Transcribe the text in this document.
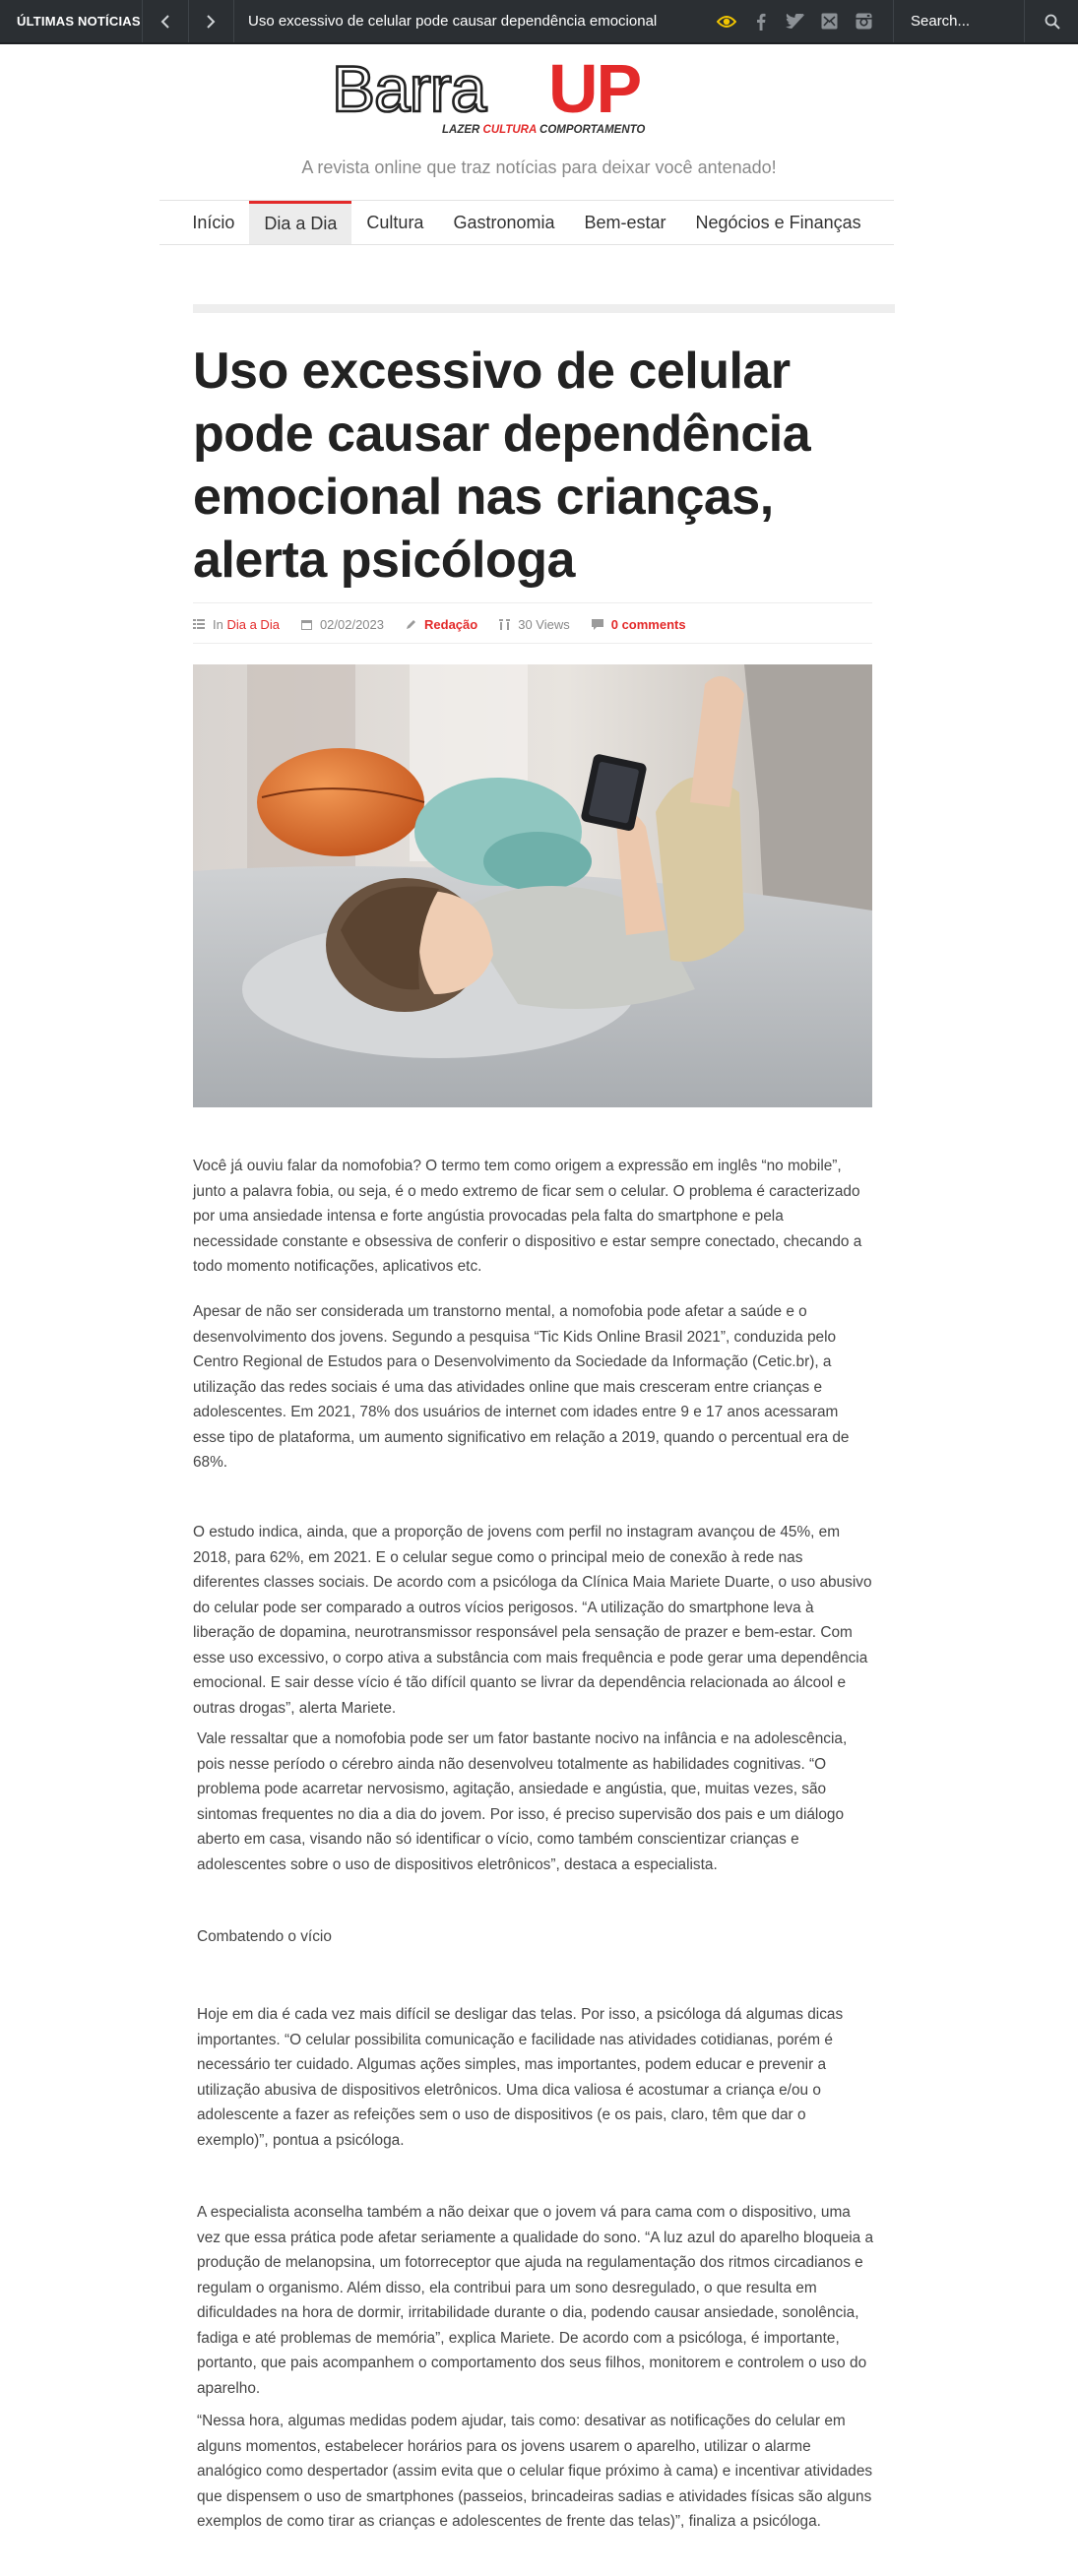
ÚLTIMAS NOTÍCIAS	Uso excessivo de celular pode causar dependência emocional
Search...
Barra UP
LAZER CULTURA COMPORTAMENTO
A revista online que traz notícias para deixar você antenado!
Início	Dia a Dia	Cultura	Gastronomia	Bem-estar	Negócios e Finanças
Uso excessivo de celular pode causar dependência emocional nas crianças, alerta psicóloga
In
Dia a Dia	02/02/2023	Redação	30 Views	0 comments

Você já ouviu falar da nomofobia? O termo tem como origem a expressão em inglês “no mobile”, junto a palavra fobia, ou seja, é o medo extremo de ficar sem o celular. O problema é caracterizado por uma ansiedade intensa e forte angústia provocadas pela falta do smartphone e pela necessidade constante e obsessiva de conferir o dispositivo e estar sempre conectado, checando a todo momento notificações, aplicativos etc.

Apesar de não ser considerada um transtorno mental, a nomofobia pode afetar a saúde e o desenvolvimento dos jovens. Segundo a pesquisa “Tic Kids Online Brasil 2021”, conduzida pelo Centro Regional de Estudos para o Desenvolvimento da Sociedade da Informação (Cetic.br), a utilização das redes sociais é uma das atividades online que mais cresceram entre crianças e adolescentes. Em 2021, 78% dos usuários de internet com idades entre 9 e 17 anos acessaram esse tipo de plataforma, um aumento significativo em relação a 2019, quando o percentual era de 68%.

O estudo indica, ainda, que a proporção de jovens com perfil no instagram avançou de 45%, em 2018, para 62%, em 2021. E o celular segue como o principal meio de conexão à rede nas diferentes classes sociais. De acordo com a psicóloga da Clínica Maia Mariete Duarte, o uso abusivo do celular pode ser comparado a outros vícios perigosos. “A utilização do smartphone leva à liberação de dopamina, neurotransmissor responsável pela sensação de prazer e bem-estar. Com esse uso excessivo, o corpo ativa a substância com mais frequência e pode gerar uma dependência emocional. E sair desse vício é tão difícil quanto se livrar da dependência relacionada ao álcool e outras drogas”, alerta Mariete.

Vale ressaltar que a nomofobia pode ser um fator bastante nocivo na infância e na adolescência, pois nesse período o cérebro ainda não desenvolveu totalmente as habilidades cognitivas. “O problema pode acarretar nervosismo, agitação, ansiedade e angústia, que, muitas vezes, são sintomas frequentes no dia a dia do jovem. Por isso, é preciso supervisão dos pais e um diálogo aberto em casa, visando não só identificar o vício, como também conscientizar crianças e adolescentes sobre o uso de dispositivos eletrônicos”, destaca a especialista.

Combatendo o vício

Hoje em dia é cada vez mais difícil se desligar das telas. Por isso, a psicóloga dá algumas dicas importantes. “O celular possibilita comunicação e facilidade nas atividades cotidianas, porém é necessário ter cuidado. Algumas ações simples, mas importantes, podem educar e prevenir a utilização abusiva de dispositivos eletrônicos. Uma dica valiosa é acostumar a criança e/ou o adolescente a fazer as refeições sem o uso de dispositivos (e os pais, claro, têm que dar o exemplo)”, pontua a psicóloga.

A especialista aconselha também a não deixar que o jovem vá para cama com o dispositivo, uma vez que essa prática pode afetar seriamente a qualidade do sono. “A luz azul do aparelho bloqueia a produção de melanopsina, um fotorreceptor que ajuda na regulamentação dos ritmos circadianos e regulam o organismo. Além disso, ela contribui para um sono desregulado, o que resulta em dificuldades na hora de dormir, irritabilidade durante o dia, podendo causar ansiedade, sonolência, fadiga e até problemas de memória”, explica Mariete. De acordo com a psicóloga, é importante, portanto, que pais acompanhem o comportamento dos seus filhos, monitorem e controlem o uso do aparelho.

“Nessa hora, algumas medidas podem ajudar, tais como: desativar as notificações do celular em alguns momentos, estabelecer horários para os jovens usarem o aparelho, utilizar o alarme analógico como despertador (assim evita que o celular fique próximo à cama) e incentivar atividades que dispensem o uso de smartphones (passeios, brincadeiras sadias e atividades físicas são alguns exemplos de como tirar as crianças e adolescentes de frente das telas)”, finaliza a psicóloga.
